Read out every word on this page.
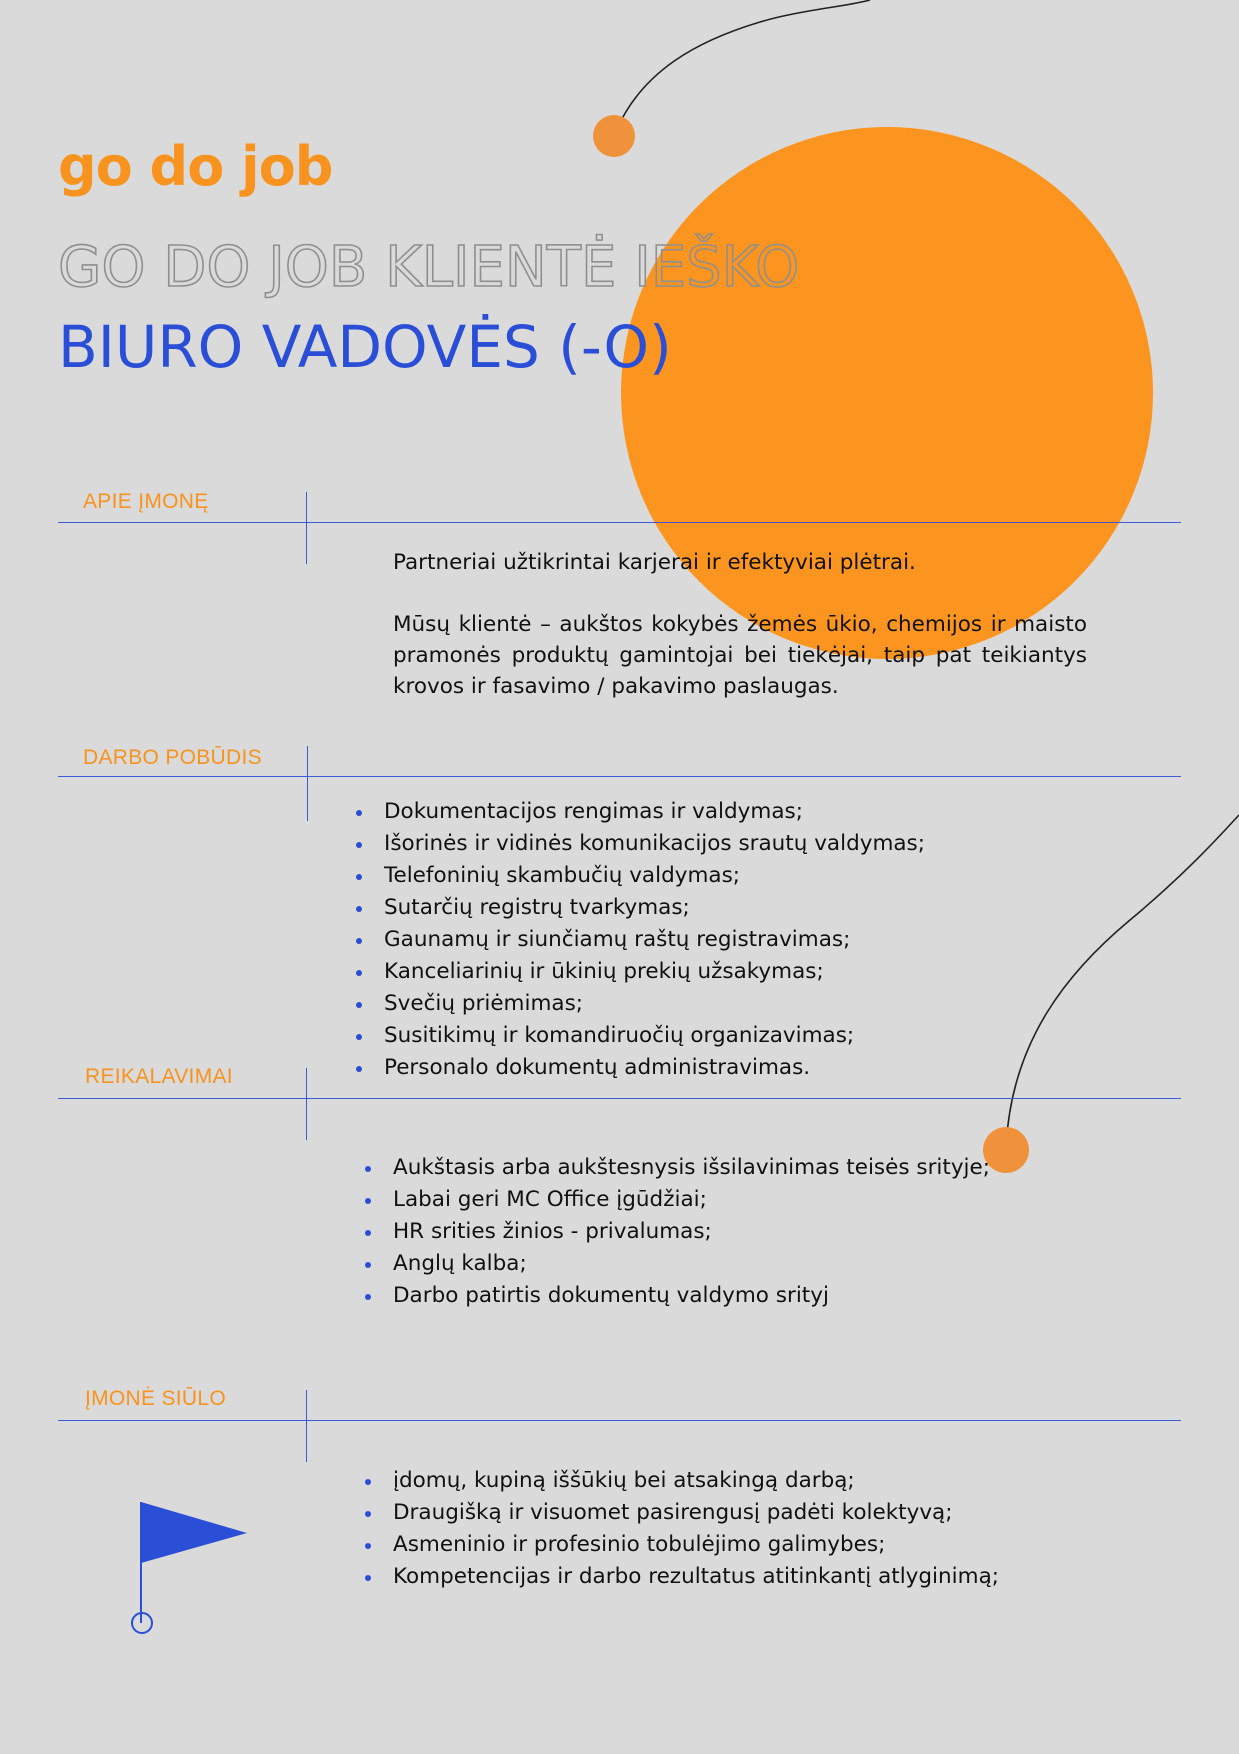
go do job
GO DO JOB KLIENTĖ IEŠKO
BIURO VADOVĖS (-O)
APIE ĮMONĘ
Partneriai užtikrintai karjerai ir efektyviai plėtrai.
Mūsų klientė – aukštos kokybės žemės ūkio, chemijos ir maisto pramonės produktų gamintojai bei tiekėjai, taip pat teikiantys krovos ir fasavimo / pakavimo paslaugas.
DARBO POBŪDIS
Dokumentacijos rengimas ir valdymas;
Išorinės ir vidinės komunikacijos srautų valdymas;
Telefoninių skambučių valdymas;
Sutarčių registrų tvarkymas;
Gaunamų ir siunčiamų raštų registravimas;
Kanceliarinių ir ūkinių prekių užsakymas;
Svečių priėmimas;
Susitikimų ir komandiruočių organizavimas;
Personalo dokumentų administravimas.
REIKALAVIMAI
Aukštasis arba aukštesnysis išsilavinimas teisės srityje;
Labai geri MC Office įgūdžiai;
HR srities žinios - privalumas;
Anglų kalba;
Darbo patirtis dokumentų valdymo srityj
ĮMONĖ SIŪLO
įdomų, kupiną iššūkių bei atsakingą darbą;
Draugišką ir visuomet pasirengusį padėti kolektyvą;
Asmeninio ir profesinio tobulėjimo galimybes;
Kompetencijas ir darbo rezultatus atitinkantį atlyginimą;
